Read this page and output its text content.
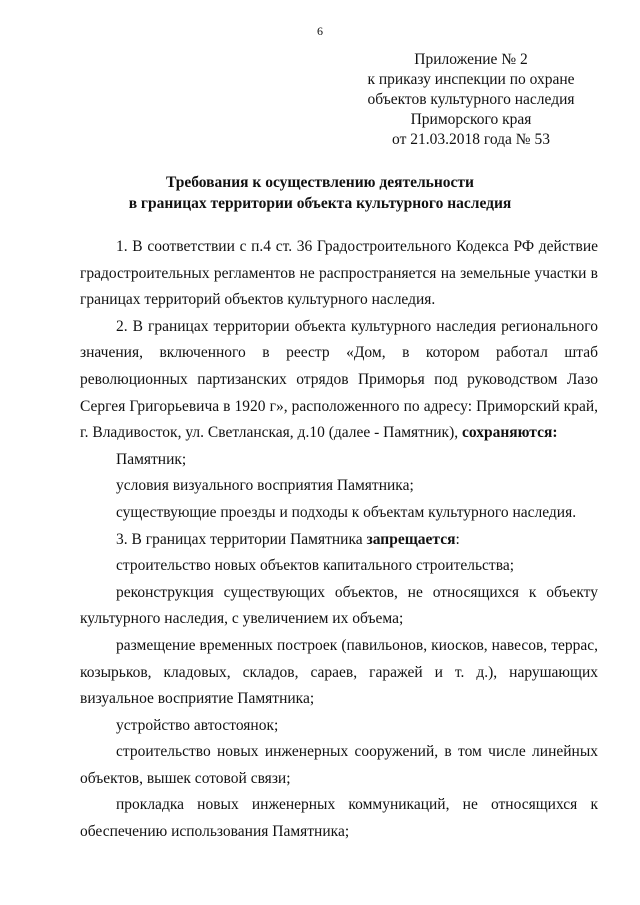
6
Приложение № 2
к приказу инспекции по охране
объектов культурного наследия
Приморского края
от 21.03.2018 года № 53
Требования к осуществлению деятельности
в границах территории объекта культурного наследия

1. В соответствии с п.4 ст. 36 Градостроительного Кодекса РФ действие градостроительных регламентов не распространяется на земельные участки в границах территорий объектов культурного наследия.

2. В границах территории объекта культурного наследия регионального значения, включенного в реестр «Дом, в котором работал штаб революционных партизанских отрядов Приморья под руководством Лазо Сергея Григорьевича в 1920 г», расположенного по адресу: Приморский край, г. Владивосток, ул. Светланская, д.10 (далее - Памятник), сохраняются:

Памятник;

условия визуального восприятия Памятника;

существующие проезды и подходы к объектам культурного наследия.

3. В границах территории Памятника запрещается:

строительство новых объектов капитального строительства;

реконструкция существующих объектов, не относящихся к объекту культурного наследия, с увеличением их объема;

размещение временных построек (павильонов, киосков, навесов, террас, козырьков, кладовых, складов, сараев, гаражей и т. д.), нарушающих визуальное восприятие Памятника;

устройство автостоянок;

строительство новых инженерных сооружений, в том числе линейных объектов, вышек сотовой связи;

прокладка новых инженерных коммуникаций, не относящихся к обеспечению использования Памятника;
